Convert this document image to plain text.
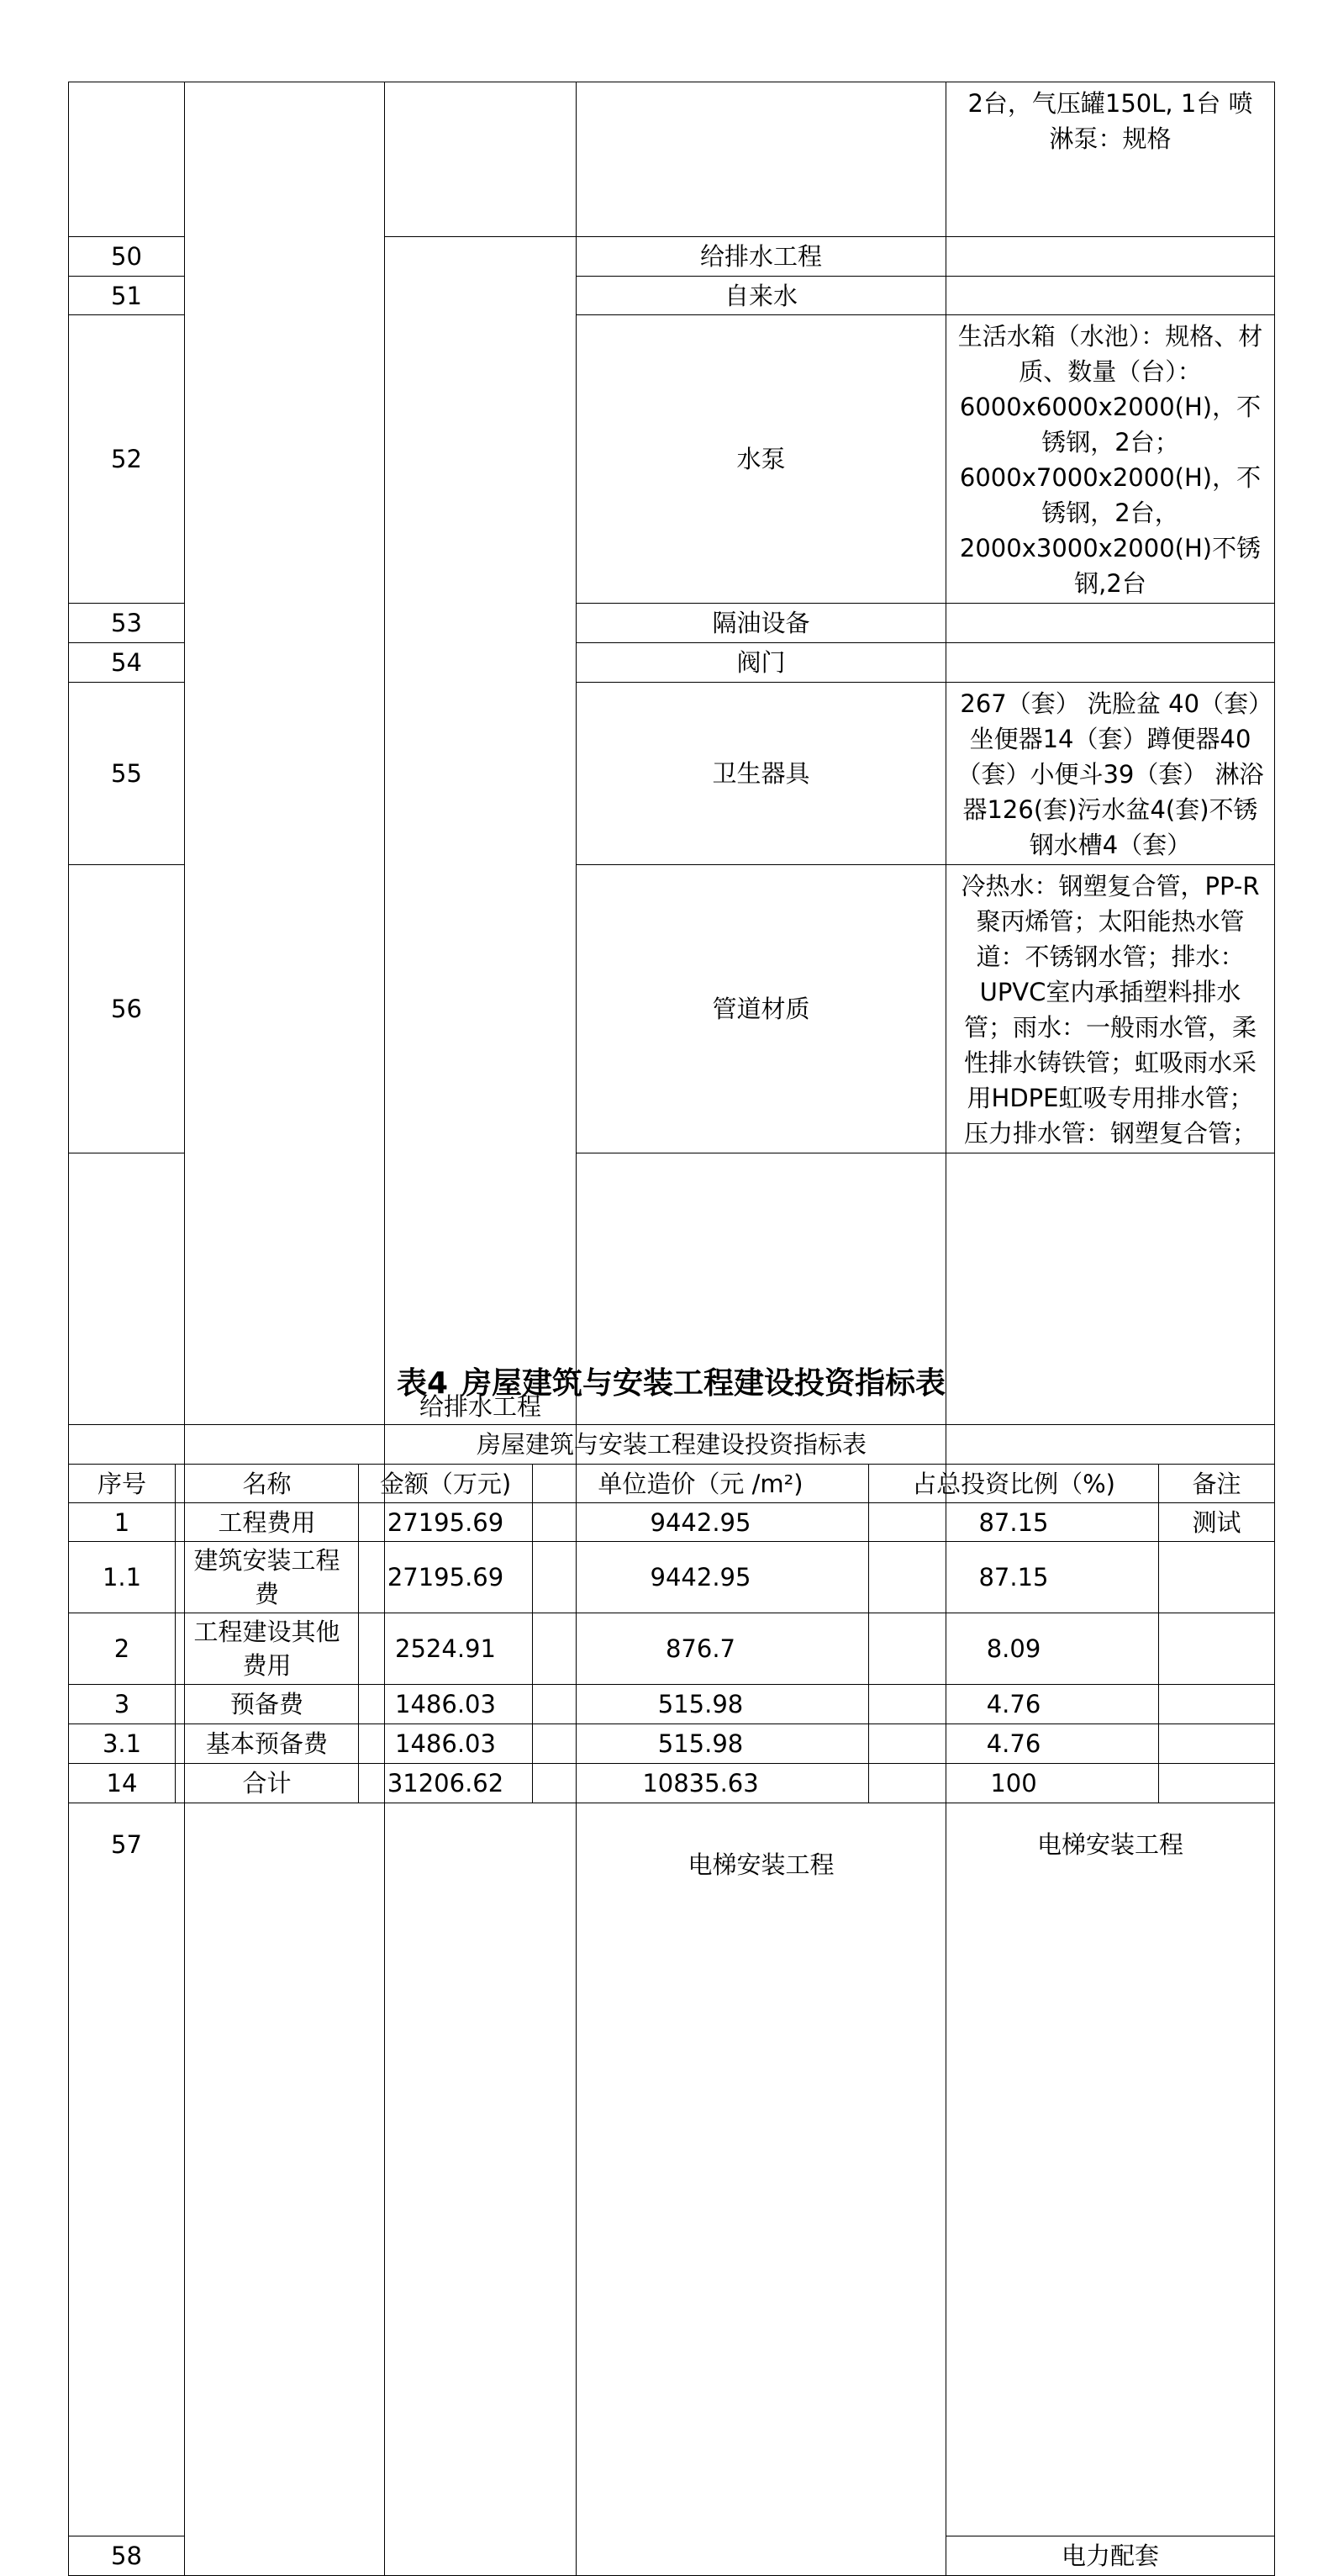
				2台，气压罐150L, 1台 喷淋泵：规格	
50		给排水工程	给排水工程		
51			自来水		
52			水泵	生活水箱（水池）：规格、材质、数量（台）：6000x6000x2000(H)，不锈钢，2台；6000x7000x2000(H)，不锈钢，2台，2000x3000x2000(H)不锈钢,2台	
53			隔油设备		
54			阀门		
55			卫生器具	267（套） 洗脸盆 40（套）坐便器14（套）蹲便器40（套）小便斗39（套） 淋浴器126(套)污水盆4(套)不锈钢水槽4（套）	
56			管道材质	冷热水：钢塑复合管，PP-R聚丙烯管；太阳能热水管道：不锈钢水管；排水：UPVC室内承插塑料排水管；雨水：一般雨水管，柔性排水铸铁管；虹吸雨水采用HDPE虹吸专用排水管；压力排水管：钢塑复合管；	
57			电梯安装工程	电梯安装工程	
58				电力配套	
表4 房屋建筑与安装工程建设投资指标表
房屋建筑与安装工程建设投资指标表					
序号	名称	金额（万元)	单位造价（元 /m²)	占总投资比例（%)	备注
1	工程费用	27195.69	9442.95	87.15	测试
1.1	建筑安装工程费	27195.69	9442.95	87.15	
2	工程建设其他费用	2524.91	876.7	8.09	
3	预备费	1486.03	515.98	4.76	
3.1	基本预备费	1486.03	515.98	4.76	
14	合计	31206.62	10835.63	100	
